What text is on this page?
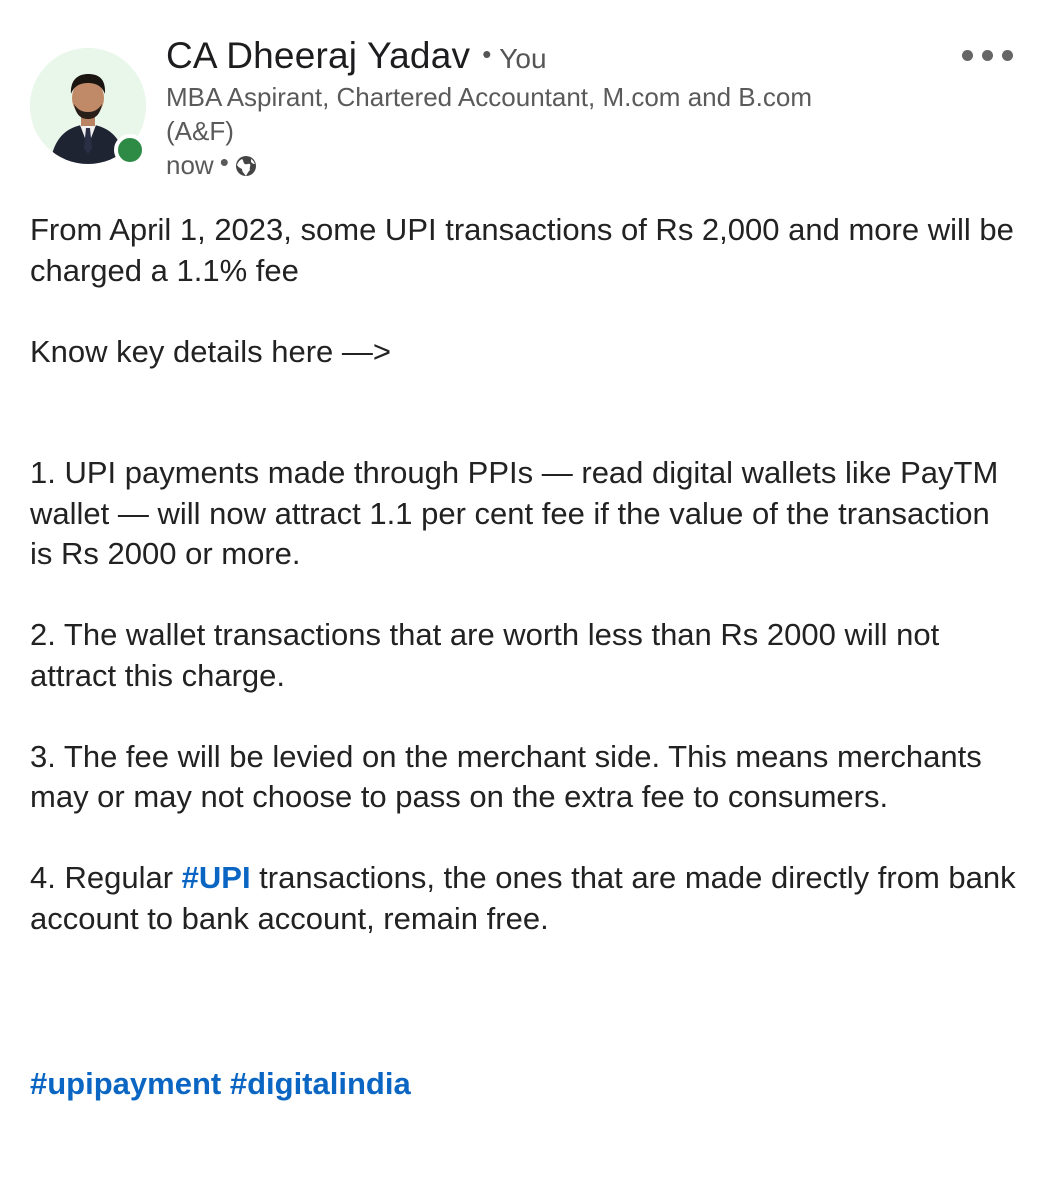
CA Dheeraj Yadav • You
MBA Aspirant, Chartered Accountant, M.com and B.com (A&F)
now •

From April 1, 2023, some UPI transactions of Rs 2,000 and more will be charged a 1.1% fee

Know key details here —>

1. UPI payments made through PPIs — read digital wallets like PayTM wallet — will now attract 1.1 per cent fee if the value of the transaction is Rs 2000 or more.

2. The wallet transactions that are worth less than Rs 2000 will not attract this charge.

3. The fee will be levied on the merchant side. This means merchants may or may not choose to pass on the extra fee to consumers.

4. Regular #UPI transactions, the ones that are made directly from bank account to bank account, remain free.

#upipayment #digitalindia
